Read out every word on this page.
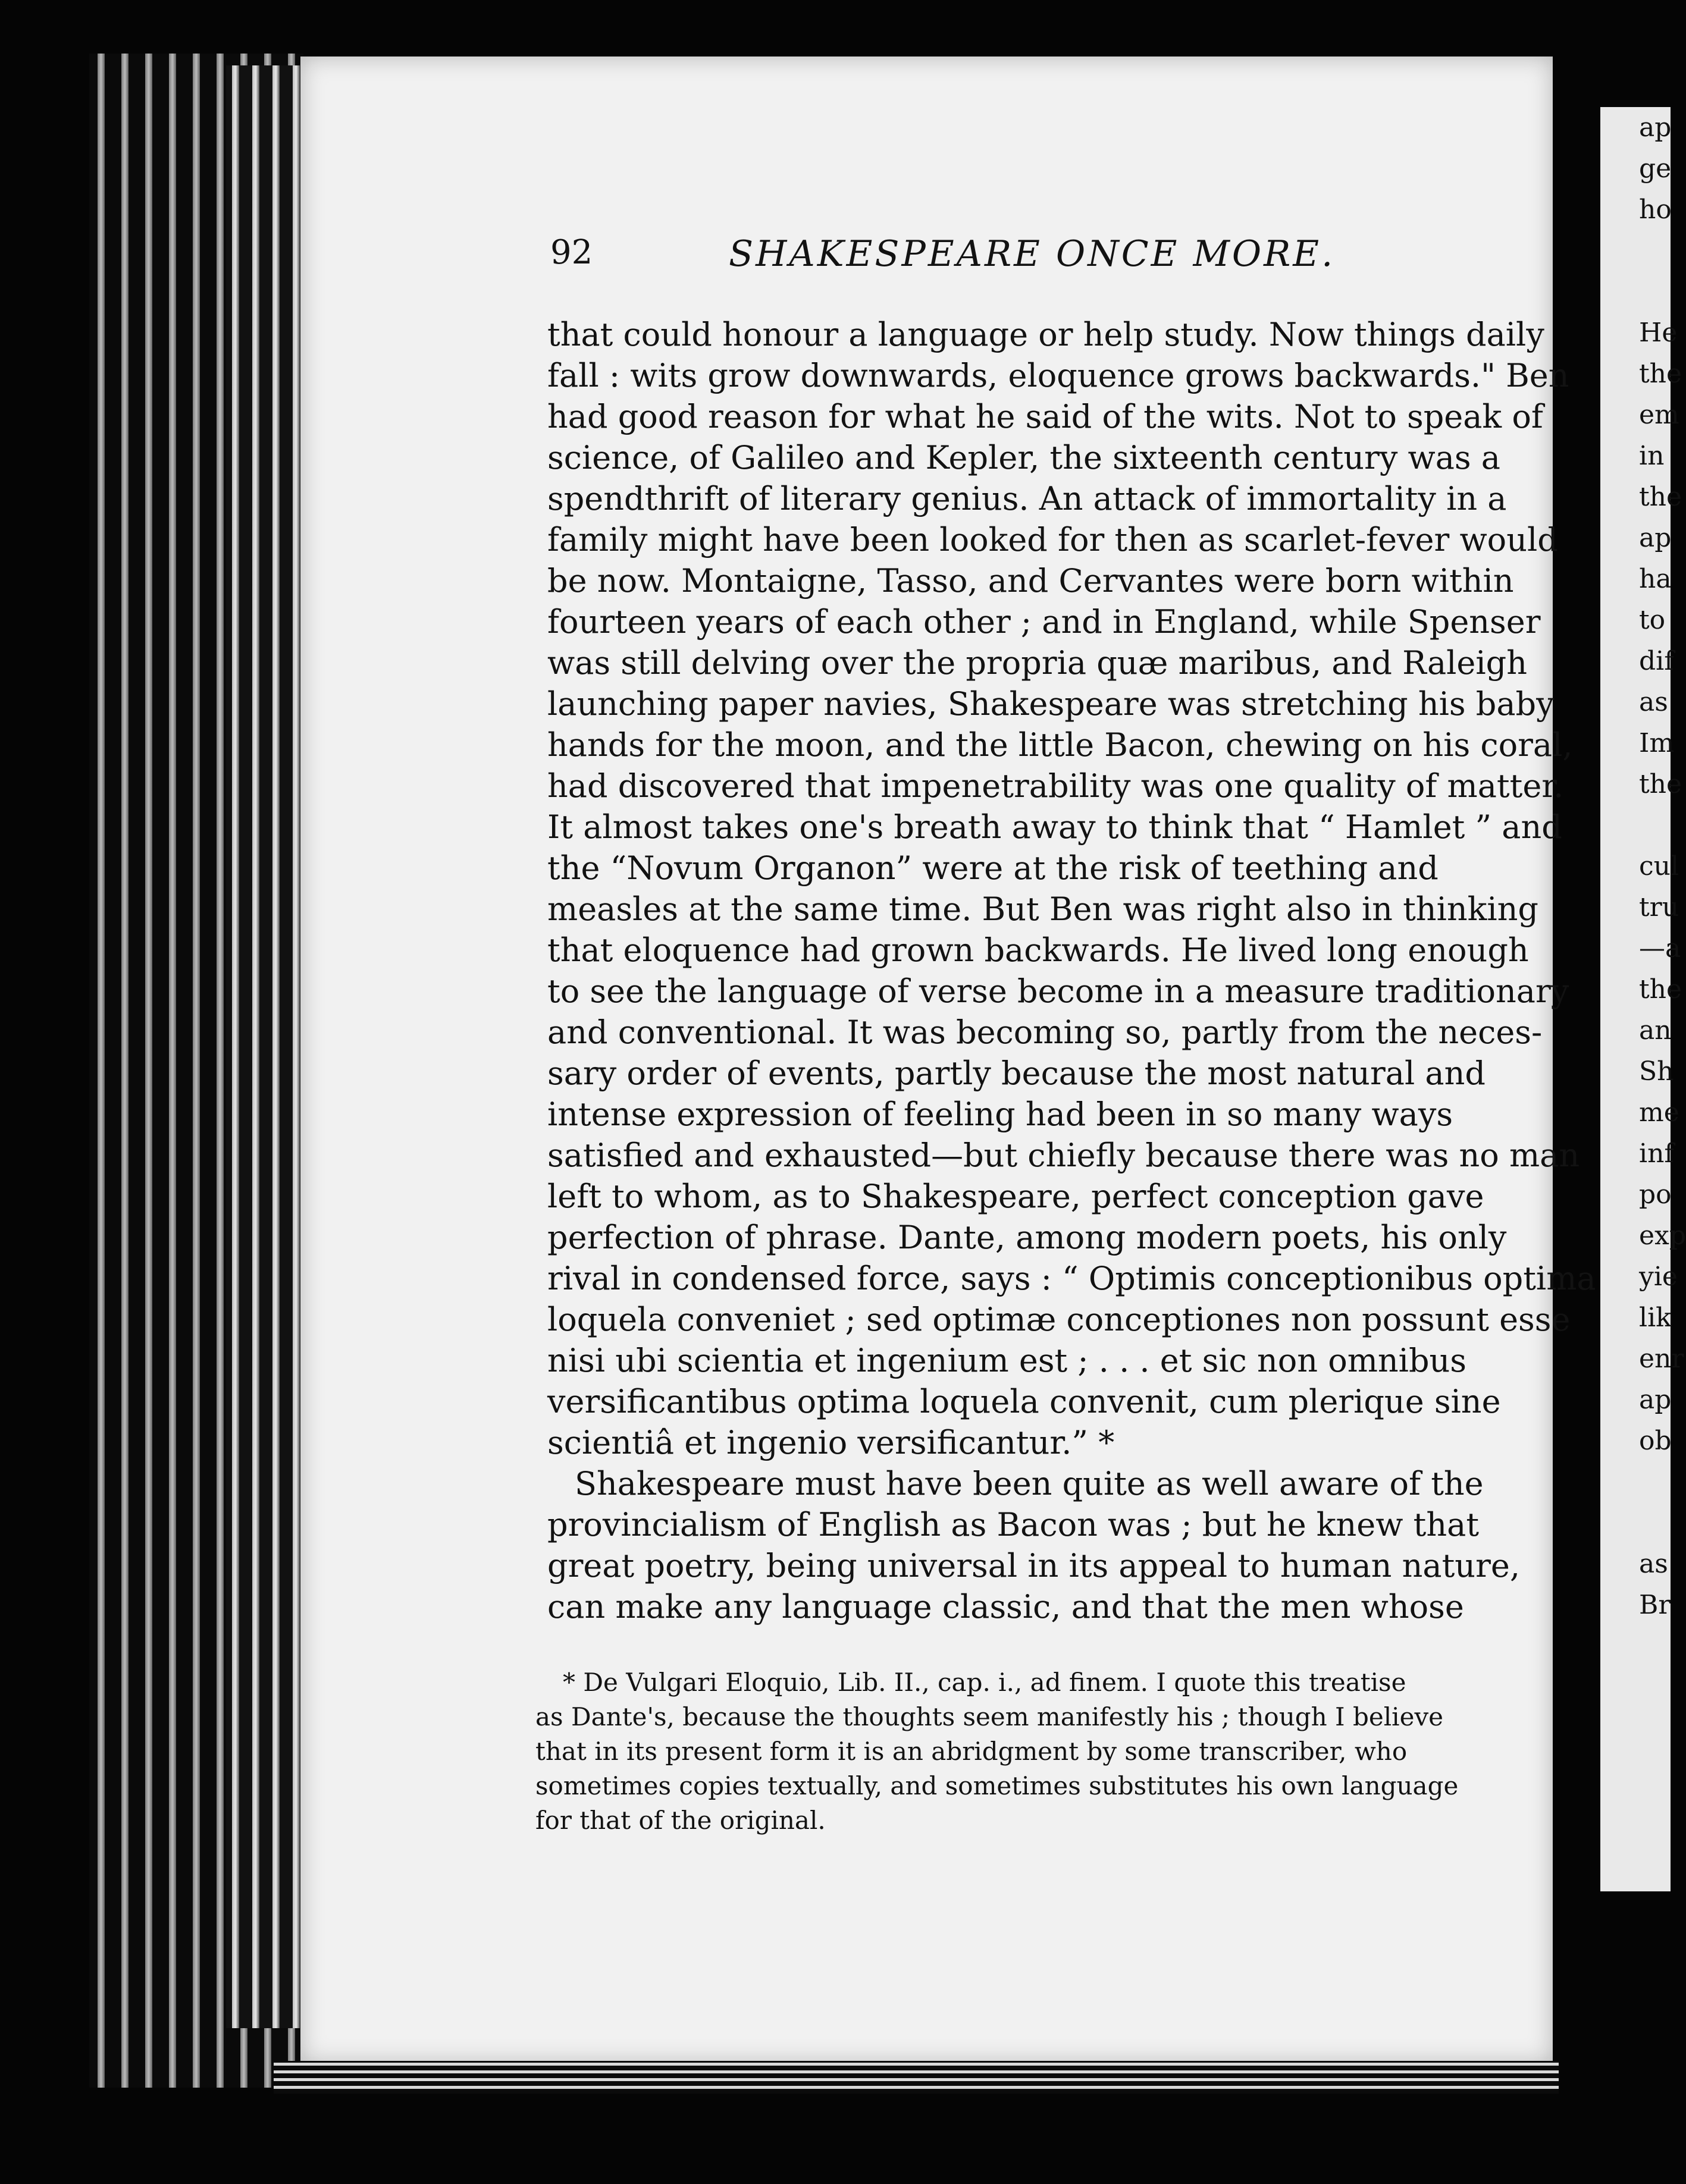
ap
ge
ho
He
the
em
in
the
ap
ha
to
dif
as
Im
the
cul
tru
—a
the
an
Sh
me
inf
po
exp
yie
lik
enr
ap
ob
as
Br
92	SHAKESPEARE ONCE MORE.
that could honour a language or help study. Now things daily
fall : wits grow downwards, eloquence grows backwards." Ben
had good reason for what he said of the wits. Not to speak of
science, of Galileo and Kepler, the sixteenth century was a
spendthrift of literary genius. An attack of immortality in a
family might have been looked for then as scarlet-fever would
be now. Montaigne, Tasso, and Cervantes were born within
fourteen years of each other ; and in England, while Spenser
was still delving over the propria quæ maribus, and Raleigh
launching paper navies, Shakespeare was stretching his baby
hands for the moon, and the little Bacon, chewing on his coral,
had discovered that impenetrability was one quality of matter.
It almost takes one's breath away to think that “ Hamlet ” and
the “Novum Organon” were at the risk of teething and
measles at the same time. But Ben was right also in thinking
that eloquence had grown backwards. He lived long enough
to see the language of verse become in a measure traditionary
and conventional. It was becoming so, partly from the neces-
sary order of events, partly because the most natural and
intense expression of feeling had been in so many ways
satisfied and exhausted—but chiefly because there was no man
left to whom, as to Shakespeare, perfect conception gave
perfection of phrase. Dante, among modern poets, his only
rival in condensed force, says : “ Optimis conceptionibus optima
loquela conveniet ; sed optimæ conceptiones non possunt esse
nisi ubi scientia et ingenium est ; . . . et sic non omnibus
versificantibus optima loquela convenit, cum plerique sine
scientiâ et ingenio versificantur.” *
Shakespeare must have been quite as well aware of the
provincialism of English as Bacon was ; but he knew that
great poetry, being universal in its appeal to human nature,
can make any language classic, and that the men whose
* De Vulgari Eloquio, Lib. II., cap. i., ad finem. I quote this treatise
as Dante's, because the thoughts seem manifestly his ; though I believe
that in its present form it is an abridgment by some transcriber, who
sometimes copies textually, and sometimes substitutes his own language
for that of the original.
